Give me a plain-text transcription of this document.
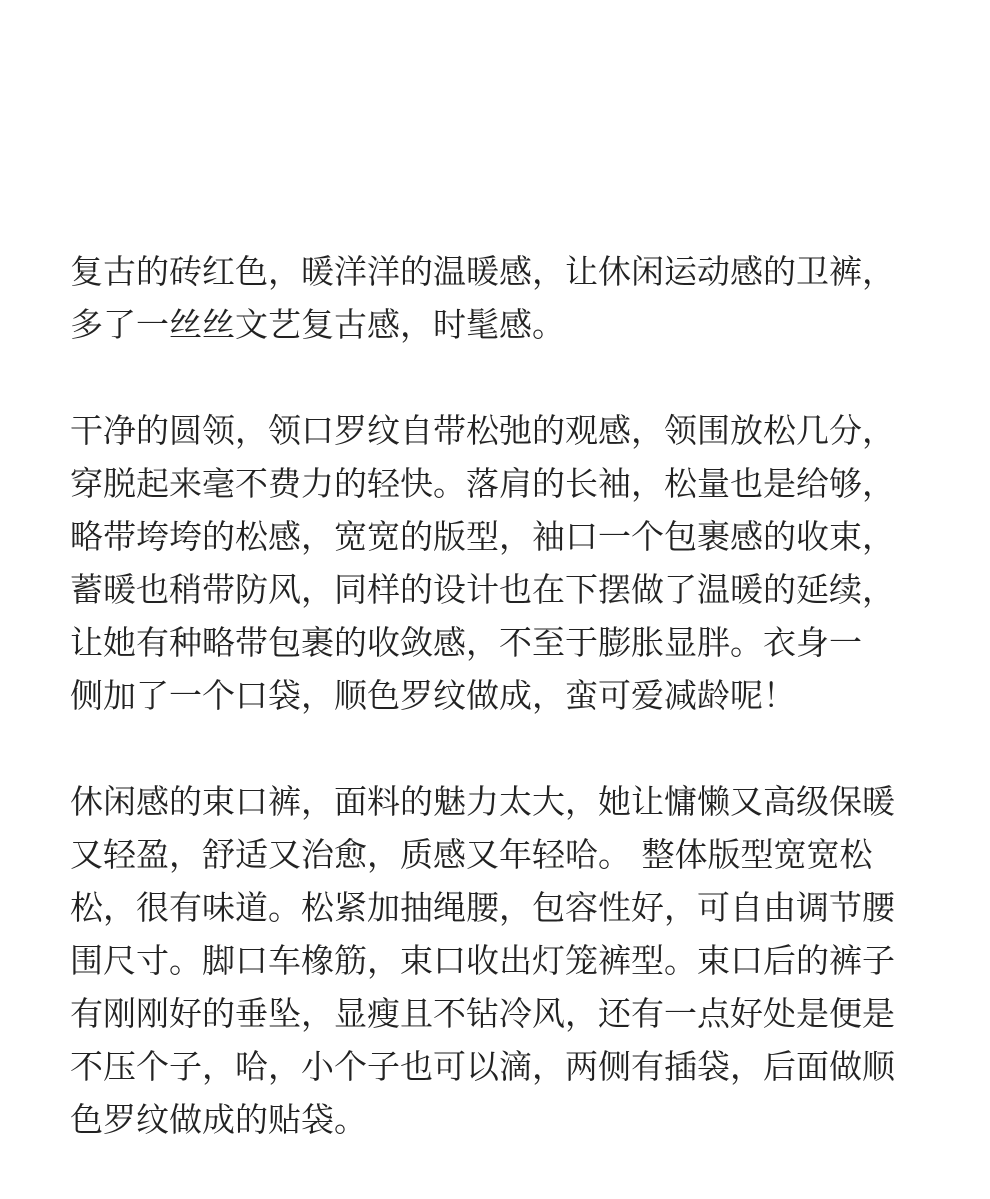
复古的砖红色，暖洋洋的温暖感，让休闲运动感的卫裤，
多了一丝丝文艺复古感，时髦感。

干净的圆领，领口罗纹自带松弛的观感，领围放松几分，
穿脱起来毫不费力的轻快。落肩的长袖，松量也是给够，
略带垮垮的松感，宽宽的版型，袖口一个包裹感的收束，
蓄暖也稍带防风，同样的设计也在下摆做了温暖的延续，
让她有种略带包裹的收敛感，不至于膨胀显胖。衣身一
侧加了一个口袋，顺色罗纹做成，蛮可爱减龄呢！

休闲感的束口裤，面料的魅力太大，她让慵懒又高级保暖
又轻盈，舒适又治愈，质感又年轻哈。 整体版型宽宽松
松，很有味道。松紧加抽绳腰，包容性好，可自由调节腰
围尺寸。脚口车橡筋，束口收出灯笼裤型。束口后的裤子
有刚刚好的垂坠，显瘦且不钻冷风，还有一点好处是便是
不压个子，哈，小个子也可以滴，两侧有插袋，后面做顺
色罗纹做成的贴袋。
